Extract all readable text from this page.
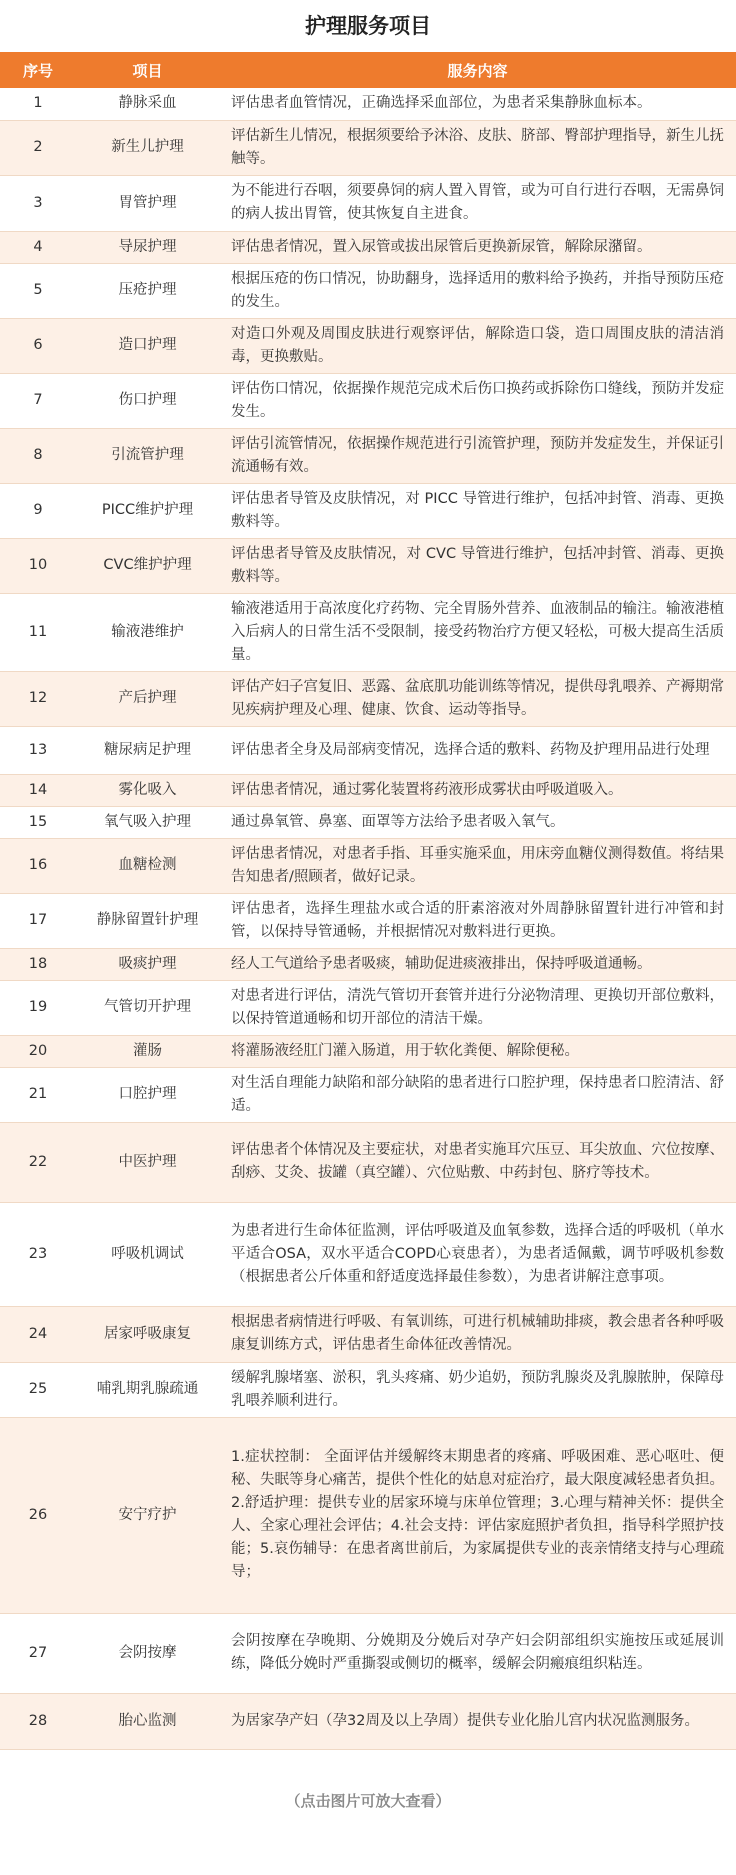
护理服务项目
序号	项目	服务内容
1	静脉采血	评估患者血管情况，正确选择采血部位，为患者采集静脉血标本。
2	新生儿护理	评估新生儿情况，根据须要给予沐浴、皮肤、脐部、臀部护理指导，新生儿抚触等。
3	胃管护理	为不能进行吞咽，须要鼻饲的病人置入胃管，或为可自行进行吞咽，无需鼻饲的病人拔出胃管，使其恢复自主进食。
4	导尿护理	评估患者情况，置入尿管或拔出尿管后更换新尿管，解除尿潴留。
5	压疮护理	根据压疮的伤口情况，协助翻身，选择适用的敷料给予换药，并指导预防压疮的发生。
6	造口护理	对造口外观及周围皮肤进行观察评估，解除造口袋，造口周围皮肤的清洁消毒，更换敷贴。
7	伤口护理	评估伤口情况，依据操作规范完成术后伤口换药或拆除伤口缝线，预防并发症发生。
8	引流管护理	评估引流管情况，依据操作规范进行引流管护理，预防并发症发生，并保证引流通畅有效。
9	PICC维护护理	评估患者导管及皮肤情况，对 PICC 导管进行维护，包括冲封管、消毒、更换敷料等。
10	CVC维护护理	评估患者导管及皮肤情况，对 CVC 导管进行维护，包括冲封管、消毒、更换敷料等。
11	输液港维护	输液港适用于高浓度化疗药物、完全胃肠外营养、血液制品的输注。输液港植入后病人的日常生活不受限制，接受药物治疗方便又轻松，可极大提高生活质量。
12	产后护理	评估产妇子宫复旧、恶露、盆底肌功能训练等情况，提供母乳喂养、产褥期常见疾病护理及心理、健康、饮食、运动等指导。
13	糖尿病足护理	评估患者全身及局部病变情况，选择合适的敷料、药物及护理用品进行处理
14	雾化吸入	评估患者情况，通过雾化装置将药液形成雾状由呼吸道吸入。
15	氧气吸入护理	通过鼻氧管、鼻塞、面罩等方法给予患者吸入氧气。
16	血糖检测	评估患者情况，对患者手指、耳垂实施采血，用床旁血糖仪测得数值。将结果告知患者/照顾者，做好记录。
17	静脉留置针护理	评估患者，选择生理盐水或合适的肝素溶液对外周静脉留置针进行冲管和封管，以保持导管通畅，并根据情况对敷料进行更换。
18	吸痰护理	经人工气道给予患者吸痰，辅助促进痰液排出，保持呼吸道通畅。
19	气管切开护理	对患者进行评估，清洗气管切开套管并进行分泌物清理、更换切开部位敷料，以保持管道通畅和切开部位的清洁干燥。
20	灌肠	将灌肠液经肛门灌入肠道，用于软化粪便、解除便秘。
21	口腔护理	对生活自理能力缺陷和部分缺陷的患者进行口腔护理，保持患者口腔清洁、舒适。
22	中医护理	评估患者个体情况及主要症状，对患者实施耳穴压豆、耳尖放血、穴位按摩、刮痧、艾灸、拔罐（真空罐）、穴位贴敷、中药封包、脐疗等技术。
23	呼吸机调试	为患者进行生命体征监测，评估呼吸道及血氧参数，选择合适的呼吸机（单水平适合OSA，双水平适合COPD心衰患者），为患者适佩戴，调节呼吸机参数（根据患者公斤体重和舒适度选择最佳参数），为患者讲解注意事项。
24	居家呼吸康复	根据患者病情进行呼吸、有氧训练，可进行机械辅助排痰，教会患者各种呼吸康复训练方式，评估患者生命体征改善情况。
25	哺乳期乳腺疏通	缓解乳腺堵塞、淤积，乳头疼痛、奶少追奶，预防乳腺炎及乳腺脓肿，保障母乳喂养顺利进行。
26	安宁疗护	1.症状控制： 全面评估并缓解终末期患者的疼痛、呼吸困难、恶心呕吐、便秘、失眠等身心痛苦，提供个性化的姑息对症治疗，最大限度减轻患者负担。2.舒适护理：提供专业的居家环境与床单位管理；3.心理与精神关怀：提供全人、全家心理社会评估；4.社会支持：评估家庭照护者负担，指导科学照护技能；5.哀伤辅导：在患者离世前后，为家属提供专业的丧亲情绪支持与心理疏导；
27	会阴按摩	会阴按摩在孕晚期、分娩期及分娩后对孕产妇会阴部组织实施按压或延展训练，降低分娩时严重撕裂或侧切的概率，缓解会阴瘢痕组织粘连。
28	胎心监测	为居家孕产妇（孕32周及以上孕周）提供专业化胎儿宫内状况监测服务。
（点击图片可放大查看）
